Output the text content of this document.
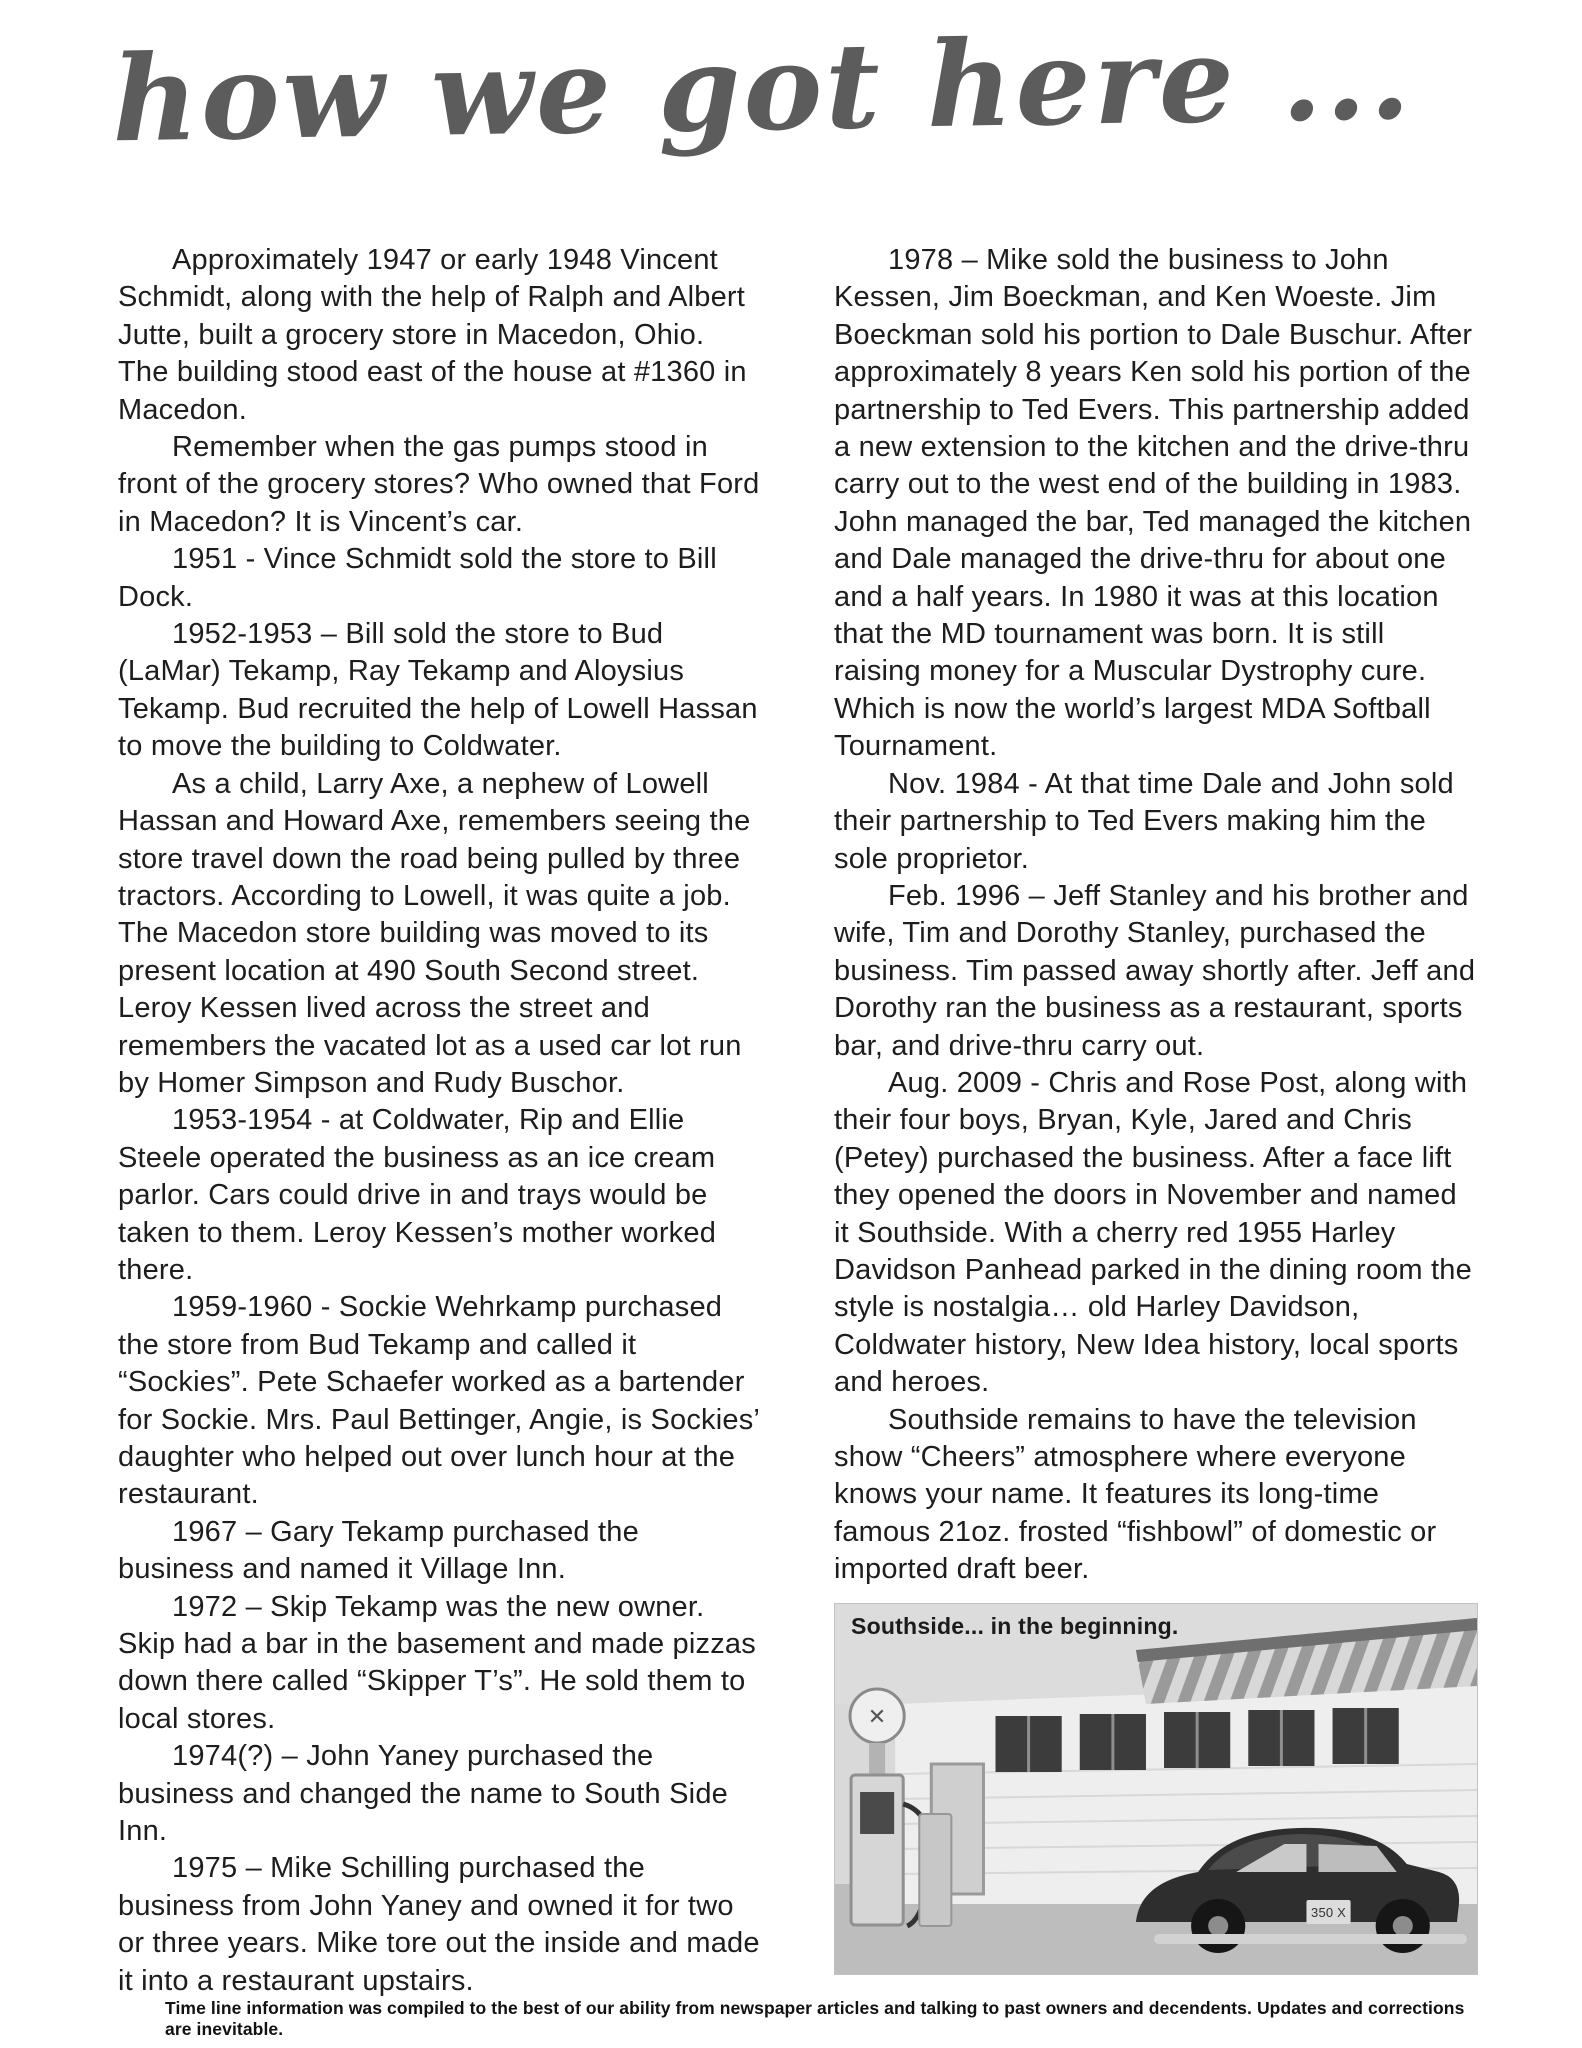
how we got here ...

Approximately 1947 or early 1948 Vincent Schmidt, along with the help of Ralph and Albert Jutte, built a grocery store in Macedon, Ohio. The building stood east of the house at #1360 in Macedon.

Remember when the gas pumps stood in front of the grocery stores? Who owned that Ford in Macedon? It is Vincent’s car.

1951 - Vince Schmidt sold the store to Bill Dock.

1952-1953 – Bill sold the store to Bud (LaMar) Tekamp, Ray Tekamp and Aloysius Tekamp. Bud recruited the help of Lowell Hassan to move the building to Coldwater.

As a child, Larry Axe, a nephew of Lowell Hassan and Howard Axe, remembers seeing the store travel down the road being pulled by three tractors. According to Lowell, it was quite a job. The Macedon store building was moved to its present location at 490 South Second street. Leroy Kessen lived across the street and remembers the vacated lot as a used car lot run by Homer Simpson and Rudy Buschor.

1953-1954 - at Coldwater, Rip and Ellie Steele operated the business as an ice cream parlor. Cars could drive in and trays would be taken to them. Leroy Kessen’s mother worked there.

1959-1960 - Sockie Wehrkamp purchased the store from Bud Tekamp and called it “Sockies”. Pete Schaefer worked as a bartender for Sockie. Mrs. Paul Bettinger, Angie, is Sockies’ daughter who helped out over lunch hour at the restaurant.

1967 – Gary Tekamp purchased the business and named it Village Inn.

1972 – Skip Tekamp was the new owner. Skip had a bar in the basement and made pizzas down there called “Skipper T’s”. He sold them to local stores.

1974(?) – John Yaney purchased the business and changed the name to South Side Inn.

1975 – Mike Schilling purchased the business from John Yaney and owned it for two or three years. Mike tore out the inside and made it into a restaurant upstairs.

1978 – Mike sold the business to John Kessen, Jim Boeckman, and Ken Woeste. Jim Boeckman sold his portion to Dale Buschur. After approximately 8 years Ken sold his portion of the partnership to Ted Evers. This partnership added a new extension to the kitchen and the drive-thru carry out to the west end of the building in 1983. John managed the bar, Ted managed the kitchen and Dale managed the drive-thru for about one and a half years. In 1980 it was at this location that the MD tournament was born. It is still raising money for a Muscular Dystrophy cure. Which is now the world’s largest MDA Softball Tournament.

Nov. 1984 - At that time Dale and John sold their partnership to Ted Evers making him the sole proprietor.

Feb. 1996 – Jeff Stanley and his brother and wife, Tim and Dorothy Stanley, purchased the business. Tim passed away shortly after. Jeff and Dorothy ran the business as a restaurant, sports bar, and drive-thru carry out.

Aug. 2009 - Chris and Rose Post, along with their four boys, Bryan, Kyle, Jared and Chris (Petey) purchased the business. After a face lift they opened the doors in November and named it Southside. With a cherry red 1955 Harley Davidson Panhead parked in the dining room the style is nostalgia… old Harley Davidson, Coldwater history, New Idea history, local sports and heroes.

Southside remains to have the television show “Cheers” atmosphere where everyone knows your name. It features its long-time famous 21oz. frosted “fishbowl” of domestic or imported draft beer.

✕
350 X
Southside... in the beginning.
Time line information was compiled to the best of our ability from newspaper articles and talking to past owners and decendents. Updates and corrections are inevitable.
